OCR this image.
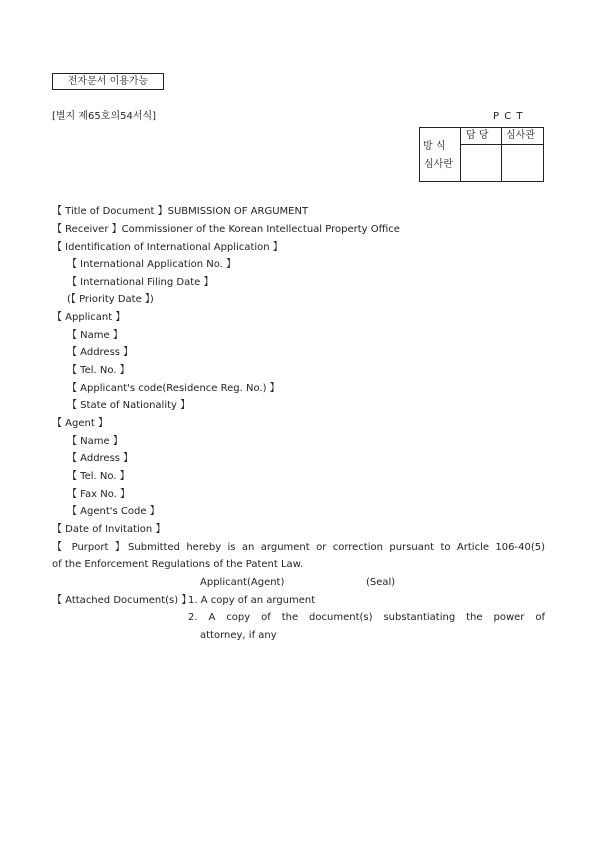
전자문서 이용가능
[별지 제65호의54서식]	P C T
방 식
심사란
담 당 심사관
【 Title of Document 】SUBMISSION OF ARGUMENT
【 Receiver 】Commissioner of the Korean Intellectual Property Office
【 Identification of International Application 】
【 International Application No. 】
【 International Filing Date 】
(【 Priority Date 】)
【 Applicant 】
【 Name 】
【 Address 】
【 Tel. No. 】
【 Applicant's code(Residence Reg. No.) 】
【 State of Nationality 】
【 Agent 】
【 Name 】
【 Address 】
【 Tel. No. 】
【 Fax No. 】
【 Agent's Code 】
【 Date of Invitation 】
【 Purport 】Submitted hereby is an argument or correction pursuant to Article 106-40(5)
of the Enforcement Regulations of the Patent Law.
Applicant(Agent)	(Seal)
【 Attached Document(s) 】
1. A copy of an argument
2. A copy of the document(s) substantiating the power of
attorney, if any
